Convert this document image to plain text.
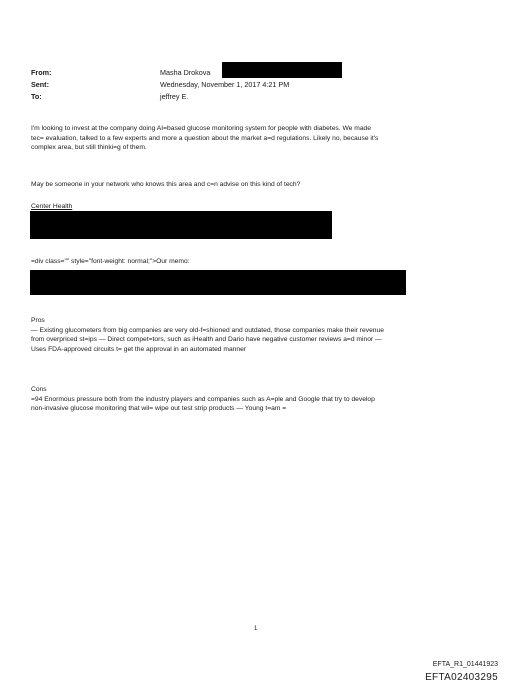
From:	Masha Drokova
Sent:	Wednesday, November 1, 2017 4:21 PM
To:	jeffrey E.
I'm looking to invest at the company doing AI=based glucose monitoring system for people with diabetes. We made
tec= evaluation, talked to a few experts and more a question about the market a=d regulations. Likely no, because it's
complex area, but still thinki=g of them.
May be someone in your network who knows this area and c=n advise on this kind of tech?
Center Health
=div class="" style="font-weight: normal;">Our memo:
Pros
— Existing glucometers from big companies are very old-f=shioned and outdated, those companies make their revenue
from overpriced st=ips — Direct compet=tors, such as iHealth and Dario have negative customer reviews a=d minor —
Uses FDA-approved circuits t= get the approval in an automated manner
Cons
=94 Enormous pressure both from the industry players and companies such as A=ple and Google that try to develop
non-invasive glucose monitoring that wil= wipe out test strip products — Young t=am =
1
EFTA_R1_01441923
EFTA02403295
